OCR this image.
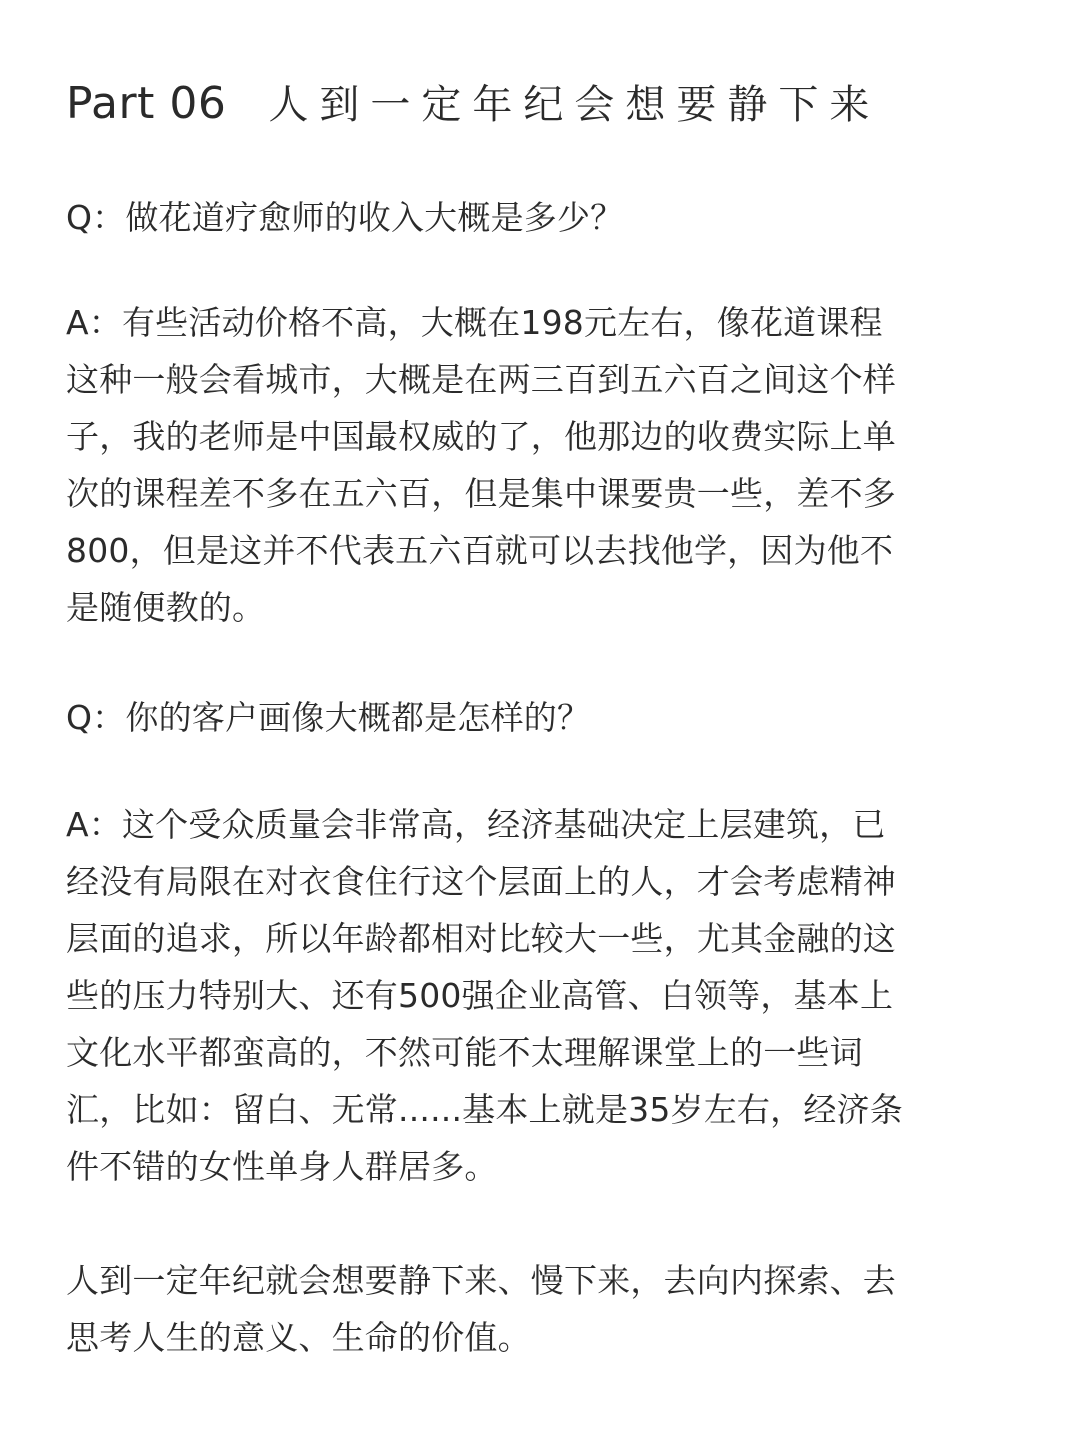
Part 06 人到一定年纪会想要静下来

Q：做花道疗愈师的收入大概是多少？

A：有些活动价格不高，大概在198元左右，像花道课程
这种一般会看城市，大概是在两三百到五六百之间这个样
子，我的老师是中国最权威的了，他那边的收费实际上单
次的课程差不多在五六百，但是集中课要贵一些，差不多
800，但是这并不代表五六百就可以去找他学，因为他不
是随便教的。

Q：你的客户画像大概都是怎样的？

A：这个受众质量会非常高，经济基础决定上层建筑，已
经没有局限在对衣食住行这个层面上的人，才会考虑精神
层面的追求，所以年龄都相对比较大一些，尤其金融的这
些的压力特别大、还有500强企业高管、白领等，基本上
文化水平都蛮高的，不然可能不太理解课堂上的一些词
汇，比如：留白、无常......基本上就是35岁左右，经济条
件不错的女性单身人群居多。

人到一定年纪就会想要静下来、慢下来，去向内探索、去
思考人生的意义、生命的价值。
